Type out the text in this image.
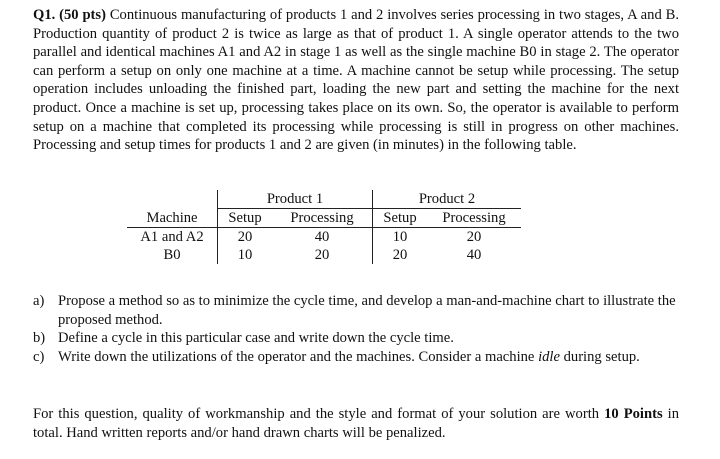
Q1. (50 pts) Continuous manufacturing of products 1 and 2 involves series processing in two stages, A and B. Production quantity of product 2 is twice as large as that of product 1. A single operator attends to the two parallel and identical machines A1 and A2 in stage 1 as well as the single machine B0 in stage 2. The operator can perform a setup on only one machine at a time. A machine cannot be setup while processing. The setup operation includes unloading the finished part, loading the new part and setting the machine for the next product. Once a machine is set up, processing takes place on its own. So, the operator is available to perform setup on a machine that completed its processing while processing is still in progress on other machines. Processing and setup times for products 1 and 2 are given (in minutes) in the following table.

	Product 1		Product 2	
Machine	Setup	Processing	Setup	Processing
A1 and A2	20	40	10	20
B0	10	20	20	40
a) Propose a method so as to minimize the cycle time, and develop a man-and-machine chart to illustrate the proposed method.
b) Define a cycle in this particular case and write down the cycle time.
c) Write down the utilizations of the operator and the machines. Consider a machine idle during setup.

For this question, quality of workmanship and the style and format of your solution are worth 10 Points in total. Hand written reports and/or hand drawn charts will be penalized.
